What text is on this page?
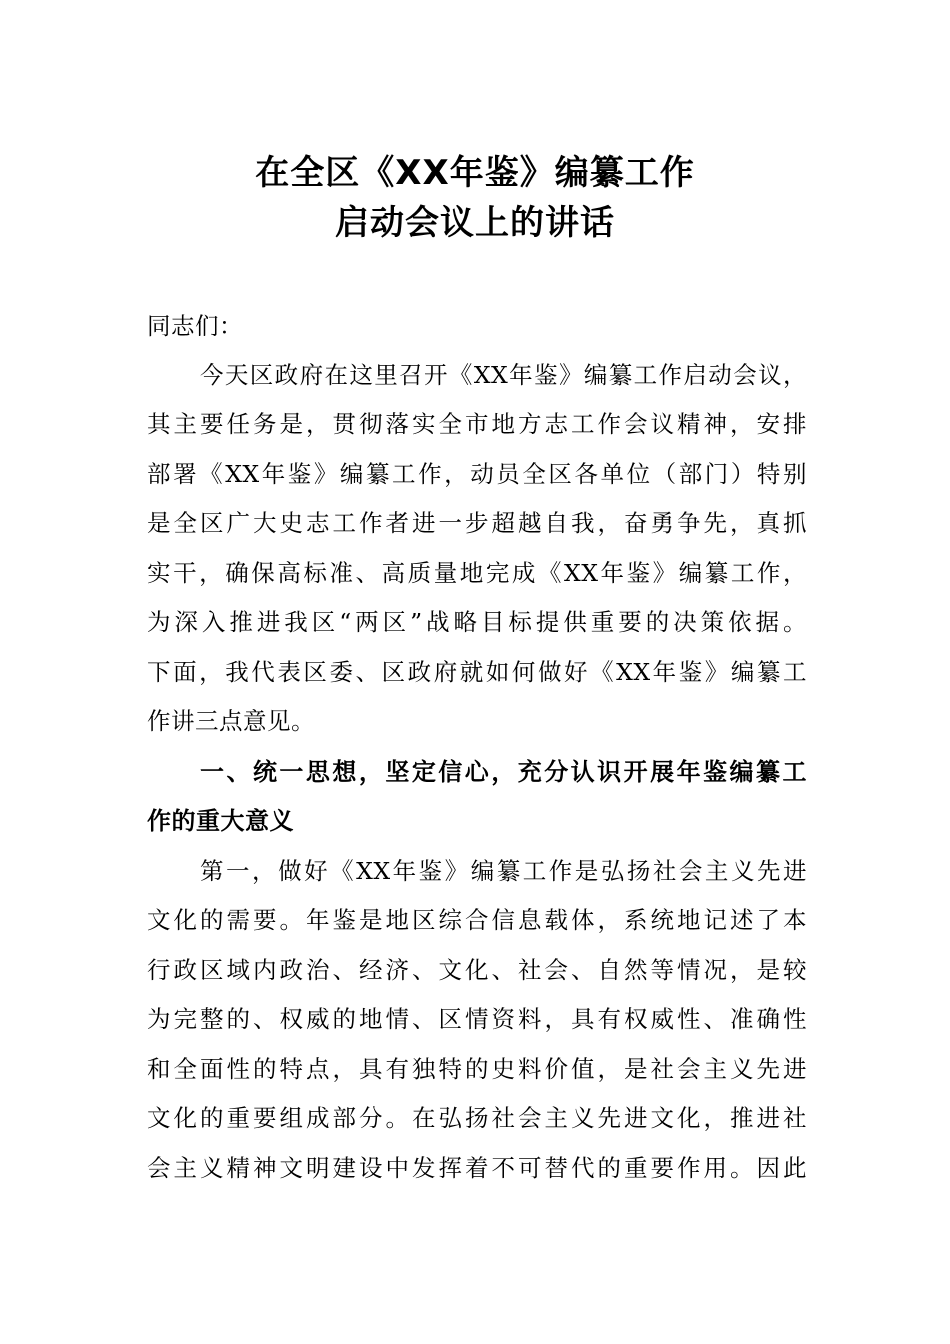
在全区《XX年鉴》编纂工作
启动会议上的讲话
同志们：
今天区政府在这里召开《XX年鉴》编纂工作启动会议，
其主要任务是，贯彻落实全市地方志工作会议精神，安排
部署《XX年鉴》编纂工作，动员全区各单位（部门）特别
是全区广大史志工作者进一步超越自我，奋勇争先，真抓
实干，确保高标准、高质量地完成《XX年鉴》编纂工作，
为深入推进我区“两区”战略目标提供重要的决策依据。
下面，我代表区委、区政府就如何做好《XX年鉴》编纂工
作讲三点意见。
一、统一思想，坚定信心，充分认识开展年鉴编纂工
作的重大意义
第一，做好《XX年鉴》编纂工作是弘扬社会主义先进
文化的需要。年鉴是地区综合信息载体，系统地记述了本
行政区域内政治、经济、文化、社会、自然等情况，是较
为完整的、权威的地情、区情资料，具有权威性、准确性
和全面性的特点，具有独特的史料价值，是社会主义先进
文化的重要组成部分。在弘扬社会主义先进文化，推进社
会主义精神文明建设中发挥着不可替代的重要作用。因此
